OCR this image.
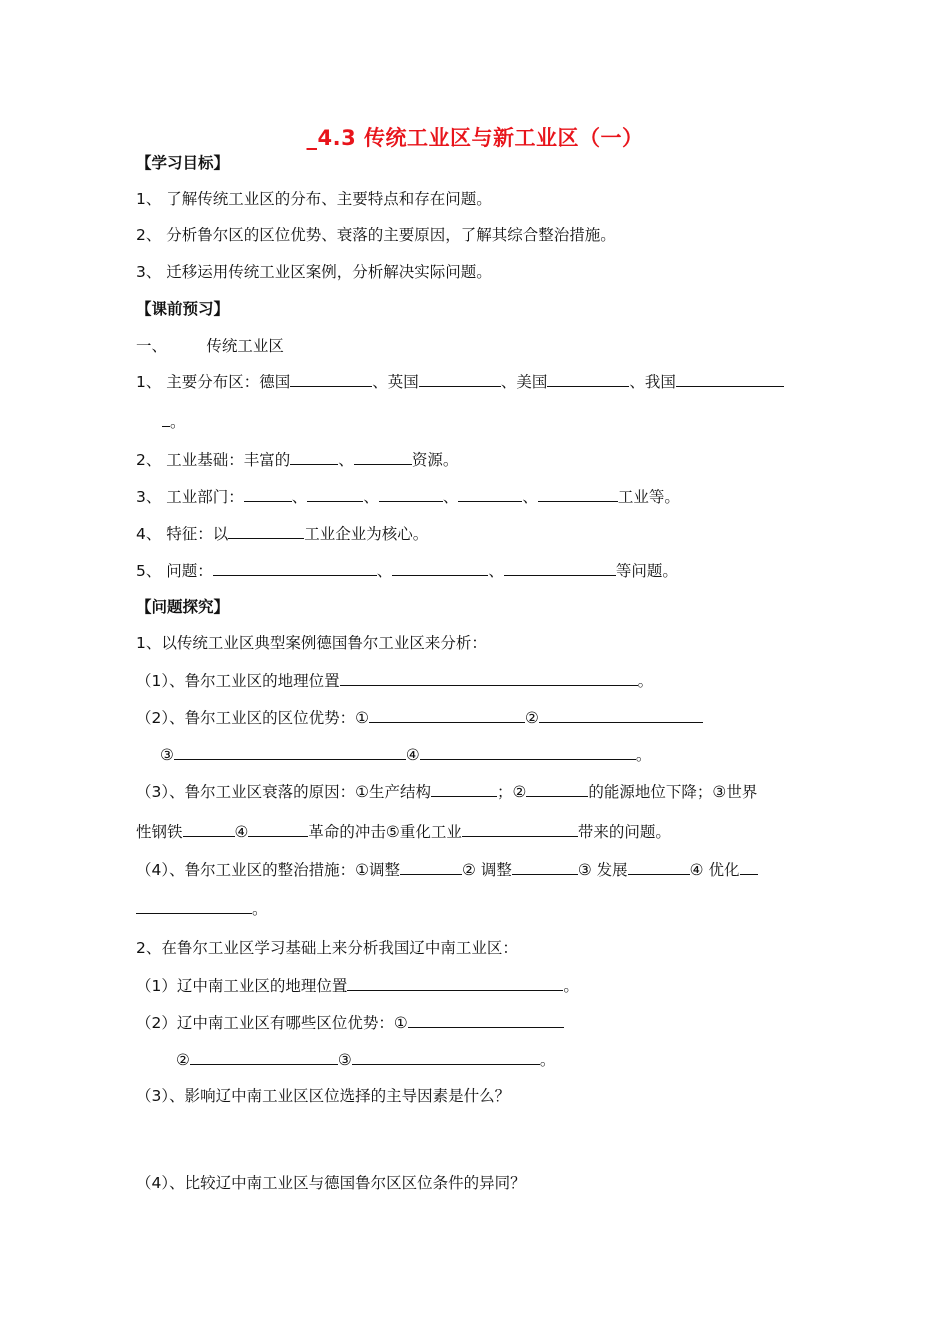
_4.3 传统工业区与新工业区（一）
【学习目标】
1、 了解传统工业区的分布、主要特点和存在问题。
2、 分析鲁尔区的区位优势、衰落的主要原因，了解其综合整治措施。
3、 迁移运用传统工业区案例，分析解决实际问题。
【课前预习】
一、        传统工业区
1、 主要分布区：德国	、英国	、美国	、我国
。
2、 工业基础：丰富的	、	资源。
3、 工业部门：	、	、	、	、	工业等。
4、 特征：以	工业企业为核心。
5、 问题：	、	、	等问题。
【问题探究】
1、以传统工业区典型案例德国鲁尔工业区来分析：
（1）、鲁尔工业区的地理位置	。
（2）、鲁尔工业区的区位优势：①	②
③	④	。
（3）、鲁尔工业区衰落的原因：①生产结构	；②	的能源地位下降；③世界
性钢铁	④	革命的冲击⑤重化工业	带来的问题。
（4）、鲁尔工业区的整治措施：①调整	② 调整	③ 发展	④ 优化
。
2、在鲁尔工业区学习基础上来分析我国辽中南工业区：
（1）辽中南工业区的地理位置	。
（2）辽中南工业区有哪些区位优势：①
②	③	。
（3）、影响辽中南工业区区位选择的主导因素是什么？
（4）、比较辽中南工业区与德国鲁尔区区位条件的异同？
